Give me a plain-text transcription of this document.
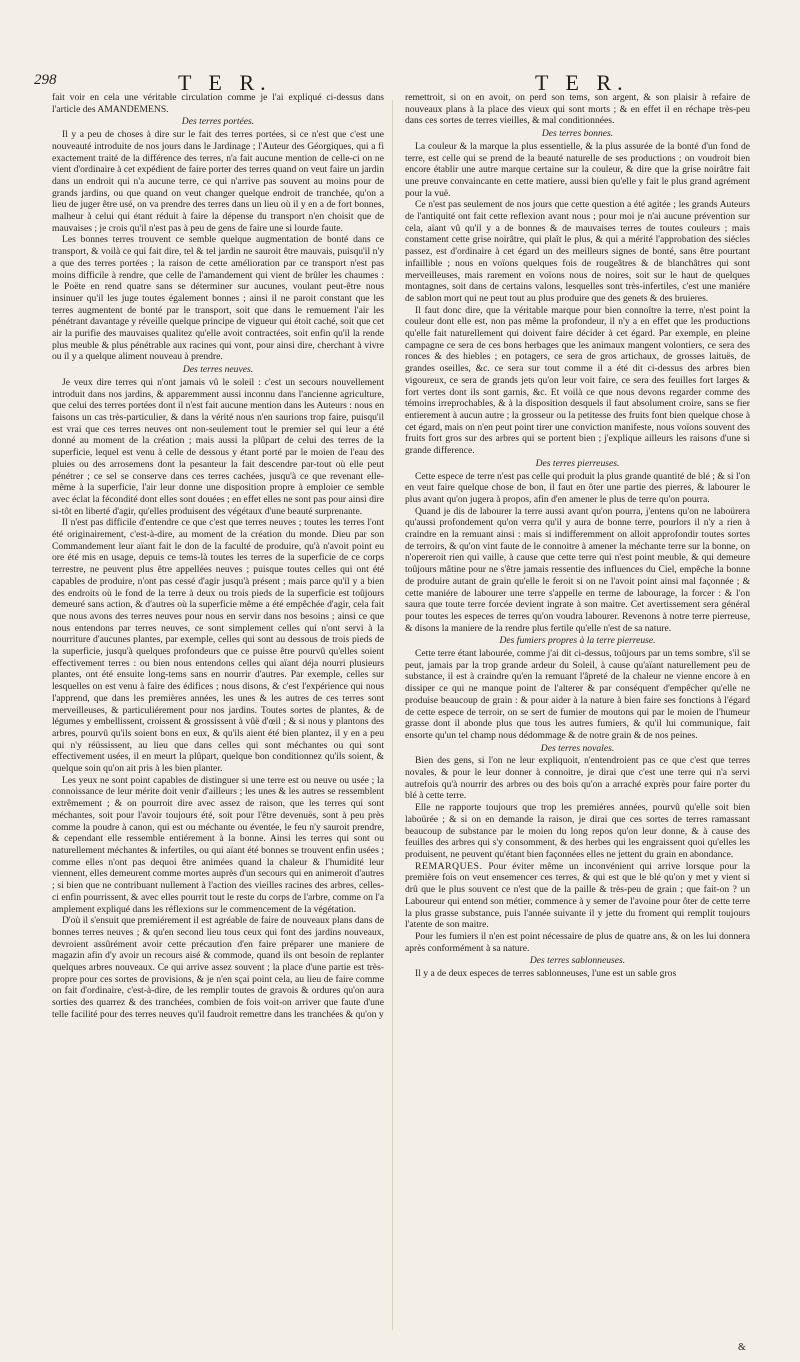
298	T E R.	T E R.

fait voir en cela une véritable circulation comme je l'ai expliqué ci-dessus dans l'article des AMANDEMENS.

Des terres portées.

Il y a peu de choses à dire sur le fait des terres portées, si ce n'est que c'est une nouveauté introduite de nos jours dans le Jardinage ; l'Auteur des Géorgiques, qui a fi exactement traité de la différence des terres, n'a fait aucune mention de celle-ci on ne vient d'ordinaire à cet expédient de faire porter des terres quand on veut faire un jardin dans un endroit qui n'a aucune terre, ce qui n'arrive pas souvent au moins pour de grands jardins, ou que quand on veut changer quelque endroit de tranchée, qu'on a lieu de juger être usé, on va prendre des terres dans un lieu où il y en a de fort bonnes, malheur à celui qui étant réduit à faire la dépense du transport n'en choisit que de mauvaises ; je crois qu'il n'est pas à peu de gens de faire une si lourde faute.

Les bonnes terres trouvent ce semble quelque augmentation de bonté dans ce transport, & voilà ce qui fait dire, tel & tel jardin ne sauroit être mauvais, puisqu'il n'y a que des terres portées ; la raison de cette amélioration par ce transport n'est pas moins difficile à rendre, que celle de l'amandement qui vient de brûler les chaumes : le Poëte en rend quatre sans se déterminer sur aucunes, voulant peut-être nous insinuer qu'il les juge toutes également bonnes ; ainsi il ne paroit constant que les terres augmentent de bonté par le transport, soit que dans le remuement l'air les pénétrant davantage y réveille quelque principe de vigueur qui étoit caché, soit que cet air la purifie des mauvaises qualitez qu'elle avoit contractées, soit enfin qu'il la rende plus meuble & plus pénétrable aux racines qui vont, pour ainsi dire, cherchant à vivre ou il y a quelque aliment nouveau à prendre.

Des terres neuves.

Je veux dire terres qui n'ont jamais vû le soleil : c'est un secours nouvellement introduit dans nos jardins, & apparemment aussi inconnu dans l'ancienne agriculture, que celui des terres portées dont il n'est fait aucune mention dans les Auteurs : nous en faisons un cas très-particulier, & dans la vérité nous n'en saurions trop faire, puisqu'il est vrai que ces terres neuves ont non-seulement tout le premier sel qui leur a été donné au moment de la création ; mais aussi la plûpart de celui des terres de la superficie, lequel est venu à celle de dessous y étant porté par le moien de l'eau des pluies ou des arrosemens dont la pesanteur la fait descendre par-tout où elle peut pénétrer ; ce sel se conserve dans ces terres cachées, jusqu'à ce que revenant elle-même à la superficie, l'air leur donne une disposition propre à emploier ce semble avec éclat la fécondité dont elles sont douées ; en effet elles ne sont pas pour ainsi dire si-tôt en liberté d'agir, qu'elles produisent des végétaux d'une beauté surprenante.

Il n'est pas difficile d'entendre ce que c'est que terres neuves ; toutes les terres l'ont été originairement, c'est-à-dire, au moment de la création du monde. Dieu par son Commandement leur aïant fait le don de la faculté de produire, qu'à n'avoit point eu ore été mis en usage, depuis ce tems-là toutes les terres de la superficie de ce corps terrestre, ne peuvent plus être appellées neuves ; puisque toutes celles qui ont été capables de produire, n'ont pas cessé d'agir jusqu'à présent ; mais parce qu'il y a bien des endroits où le fond de la terre à deux ou trois pieds de la superficie est toûjours demeuré sans action, & d'autres où la superficie même a été empêchée d'agir, cela fait que nous avons des terres neuves pour nous en servir dans nos besoins ; ainsi ce que nous entendons par terres neuves, ce sont simplement celles qui n'ont servi à la nourriture d'aucunes plantes, par exemple, celles qui sont au dessous de trois pieds de la superficie, jusqu'à quelques profondeurs que ce puisse être pourvû qu'elles soient effectivement terres : ou bien nous entendons celles qui aïant déja nourri plusieurs plantes, ont été ensuite long-tems sans en nourrir d'autres. Par exemple, celles sur lesquelles on est venu à faire des édifices ; nous disons, & c'est l'expérience qui nous l'apprend, que dans les premières années, les unes & les autres de ces terres sont merveilleuses, & particuliérement pour nos jardins. Toutes sortes de plantes, & de légumes y embellissent, croissent & grossissent à vûë d'œil ; & si nous y plantons des arbres, pourvû qu'ils soient bons en eux, & qu'ils aient été bien plantez, il y en a peu qui n'y réüssissent, au lieu que dans celles qui sont méchantes ou qui sont effectivement usées, il en meurt la plûpart, quelque bon conditionnez qu'ils soient, & quelque soin qu'on ait pris à les bien planter.

Les yeux ne sont point capables de distinguer si une terre est ou neuve ou usée ; la connoissance de leur mérite doit venir d'ailleurs ; les unes & les autres se ressemblent extrêmement ; & on pourroit dire avec assez de raison, que les terres qui sont méchantes, soit pour l'avoir toujours été, soit pour l'être devenuës, sont à peu près comme la poudre à canon, qui est ou méchante ou éventée, le feu n'y sauroit prendre, & cependant elle ressemble entiérement à la bonne. Ainsi les terres qui sont ou naturellement méchantes & infertiles, ou qui aïant été bonnes se trouvent enfin usées ; comme elles n'ont pas dequoi être animées quand la chaleur & l'humidité leur viennent, elles demeurent comme mortes auprès d'un secours qui en animeroit d'autres ; si bien que ne contribuant nullement à l'action des vieilles racines des arbres, celles-ci enfin pourrissent, & avec elles pourrit tout le reste du corps de l'arbre, comme on l'a amplement expliqué dans les réflexions sur le commencement de la végétation.

D'où il s'ensuit que premiérement il est agréable de faire de nouveaux plans dans de bonnes terres neuves ; & qu'en second lieu tous ceux qui font des jardins nouveaux, devroient assûrément avoir cette précaution d'en faire préparer une maniere de magazin afin d'y avoir un recours aisé & commode, quand ils ont besoin de replanter quelques arbres nouveaux. Ce qui arrive assez souvent ; la place d'une partie est très-propre pour ces sortes de provisions, & je n'en sçai point cela, au lieu de faire comme on fait d'ordinaire, c'est-à-dire, de les remplir toutes de gravois & ordures qu'on aura sorties des quarrez & des tranchées, combien de fois voit-on arriver que faute d'une telle facilité pour des terres neuves qu'il faudroit remettre dans les tranchées & qu'on y

remettroit, si on en avoit, on perd son tems, son argent, & son plaisir à refaire de nouveaux plans à la place des vieux qui sont morts ; & en effet il en réchape très-peu dans ces sortes de terres vieilles, & mal conditionnées.

Des terres bonnes.

La couleur & la marque la plus essentielle, & la plus assurée de la bonté d'un fond de terre, est celle qui se prend de la beauté naturelle de ses productions ; on voudroit bien encore établir une autre marque certaine sur la couleur, & dire que la grise noirâtre fait une preuve convaincante en cette matiere, aussi bien qu'elle y fait le plus grand agrément pour la vuë.

Ce n'est pas seulement de nos jours que cette question a été agitée ; les grands Auteurs de l'antiquité ont fait cette reflexion avant nous ; pour moi je n'ai aucune prévention sur cela, aïant vû qu'il y a de bonnes & de mauvaises terres de toutes couleurs ; mais constament cette grise noirâtre, qui plaît le plus, & qui a mérité l'approbation des siécles passez, est d'ordinaire à cet égard un des meilleurs signes de bonté, sans être pourtant infaillible ; nous en voïons quelques fois de rougeâtres & de blanchâtres qui sont merveilleuses, mais rarement en voïons nous de noires, soit sur le haut de quelques montagnes, soit dans de certains valons, lesquelles sont très-infertiles, c'est une maniére de sablon mort qui ne peut tout au plus produire que des genets & des bruieres.

Il faut donc dire, que la véritable marque pour bien connoître la terre, n'est point la couleur dont elle est, non pas même la profondeur, il n'y a en effet que les productions qu'elle fait naturellement qui doivent faire décider à cet égard. Par exemple, en pleine campagne ce sera de ces bons herbages que les animaux mangent volontiers, ce sera des ronces & des hiebles ; en potagers, ce sera de gros artichaux, de grosses laituës, de grandes oseilles, &c. ce sera sur tout comme il a été dit ci-dessus des arbres bien vigoureux, ce sera de grands jets qu'on leur voit faire, ce sera des feuilles fort larges & fort vertes dont ils sont garnis, &c. Et voilà ce que nous devons regarder comme des témoins irreprochables, & à la disposition desquels il faut absolument croire, sans se fier entierement à aucun autre ; la grosseur ou la petitesse des fruits font bien quelque chose à cet égard, mais on n'en peut point tirer une conviction manifeste, nous voïons souvent des fruits fort gros sur des arbres qui se portent bien ; j'explique ailleurs les raisons d'une si grande difference.

Des terres pierreuses.

Cette espece de terre n'est pas celle qui produit la plus grande quantité de blé ; & si l'on en veut faire quelque chose de bon, il faut en ôter une partie des pierres, & labourer le plus avant qu'on jugera à propos, afin d'en amener le plus de terre qu'on pourra.

Quand je dis de labourer la terre aussi avant qu'on pourra, j'entens qu'on ne laboürera qu'aussi profondement qu'on verra qu'il y aura de bonne terre, pourlors il n'y a rien à craindre en la remuant ainsi : mais si indifferemment on alloit approfondir toutes sortes de terroirs, & qu'on vint faute de le connoitre à amener la méchante terre sur la bonne, on n'opereroit rien qui vaille, à cause que cette terre qui n'est point meuble, & qui demeure toûjours mâtine pour ne s'être jamais ressentie des influences du Ciel, empêche la bonne de produire autant de grain qu'elle le feroit si on ne l'avoit point ainsi mal façonnée ; & cette maniére de labourer une terre s'appelle en terme de labourage, la forcer : & l'on saura que toute terre forcée devient ingrate à son maitre. Cet avertissement sera général pour toutes les especes de terres qu'on voudra labourer. Revenons à notre terre pierreuse, & disons la maniere de la rendre plus fertile qu'elle n'est de sa nature.

Des fumiers propres à la terre pierreuse.

Cette terre étant labourée, comme j'ai dit ci-dessus, toûjours par un tems sombre, s'il se peut, jamais par la trop grande ardeur du Soleil, à cause qu'aïant naturellement peu de substance, il est à craindre qu'en la remuant l'âpreté de la chaleur ne vienne encore à en dissiper ce qui ne manque point de l'alterer & par conséquent d'empêcher qu'elle ne produise beaucoup de grain : & pour aider à la nature à bien faire ses fonctions à l'égard de cette espece de terroir, on se sert de fumier de moutons qui par le moien de l'humeur grasse dont il abonde plus que tous les autres fumiers, & qu'il lui communique, fait ensorte qu'un tel champ nous dédommage & de notre grain & de nos peines.

Des terres novales.

Bien des gens, si l'on ne leur expliquoit, n'entendroient pas ce que c'est que terres novales, & pour le leur donner à connoitre, je dirai que c'est une terre qui n'a servi autrefois qu'à nourrir des arbres ou des bois qu'on a arraché exprès pour faire porter du blé à cette terre.

Elle ne rapporte toujours que trop les premiéres années, pourvû qu'elle soit bien laboürée ; & si on en demande la raison, je dirai que ces sortes de terres ramassant beaucoup de substance par le moien du long repos qu'on leur donne, & à cause des feuilles des arbres qui s'y consomment, & des herbes qui les engraissent quoi qu'elles les produisent, ne peuvent qu'étant bien façonnées elles ne jettent du grain en abondance.

REMARQUES. Pour éviter même un inconvénient qui arrive lorsque pour la première fois on veut ensemencer ces terres, & qui est que le blé qu'on y met y vient si drû que le plus souvent ce n'est que de la paille & très-peu de grain ; que fait-on ? un Laboureur qui entend son métier, commence à y semer de l'avoine pour ôter de cette terre la plus grasse substance, puis l'année suivante il y jette du froment qui remplit toujours l'atente de son maitre.

Pour les fumiers il n'en est point nécessaire de plus de quatre ans, & on les lui donnera après conformément à sa nature.

Des terres sablonneuses.

Il y a de deux especes de terres sablonneuses, l'une est un sable gros

&
